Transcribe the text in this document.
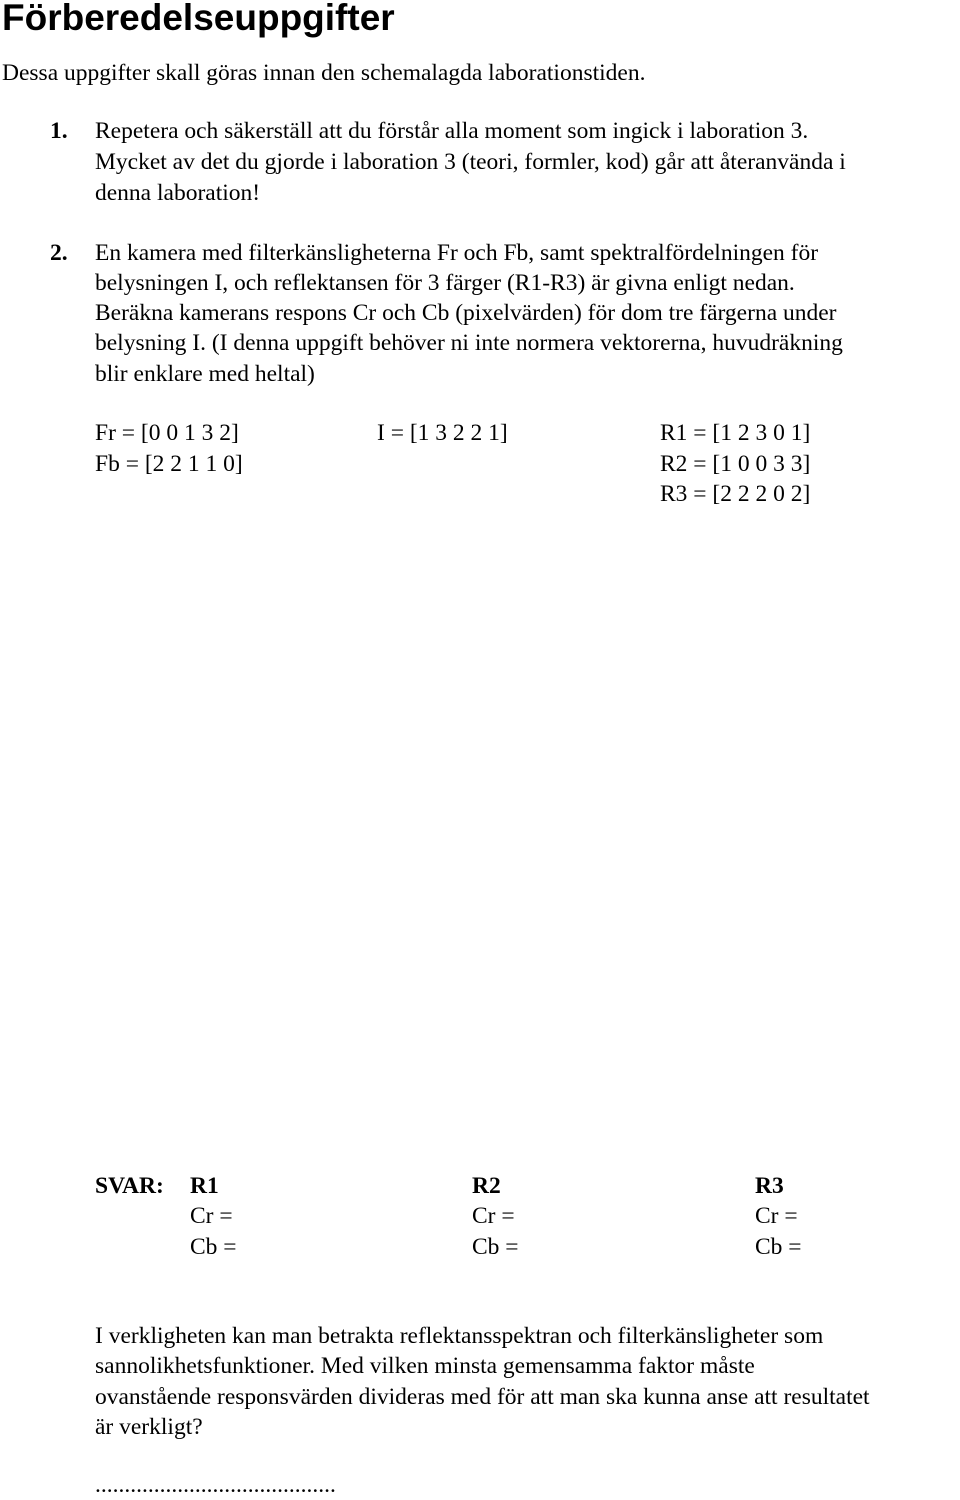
Förberedelseuppgifter
Dessa uppgifter skall göras innan den schemalagda laborationstiden.
1. Repetera och säkerställ att du förstår alla moment som ingick i laboration 3.
Mycket av det du gjorde i laboration 3 (teori, formler, kod) går att återanvända i
denna laboration!
2. En kamera med filterkänsligheterna Fr och Fb, samt spektralfördelningen för
belysningen I, och reflektansen för 3 färger (R1-R3) är givna enligt nedan.
Beräkna kamerans respons Cr och Cb (pixelvärden) för dom tre färgerna under
belysning I. (I denna uppgift behöver ni inte normera vektorerna, huvudräkning
blir enklare med heltal)
Fr = [0 0 1 3 2]
Fb = [2 2 1 1 0]
I = [1 3 2 2 1]	R1 = [1 2 3 0 1]
R2 = [1 0 0 3 3]
R3 = [2 2 2 0 2]
SVAR: R1
Cr =
Cb =
R2
Cr =
Cb =
R3
Cr =
Cb =
I verkligheten kan man betrakta reflektansspektran och filterkänsligheter som
sannolikhetsfunktioner. Med vilken minsta gemensamma faktor måste
ovanstående responsvärden divideras med för att man ska kunna anse att resultatet
är verkligt?
.........................................
